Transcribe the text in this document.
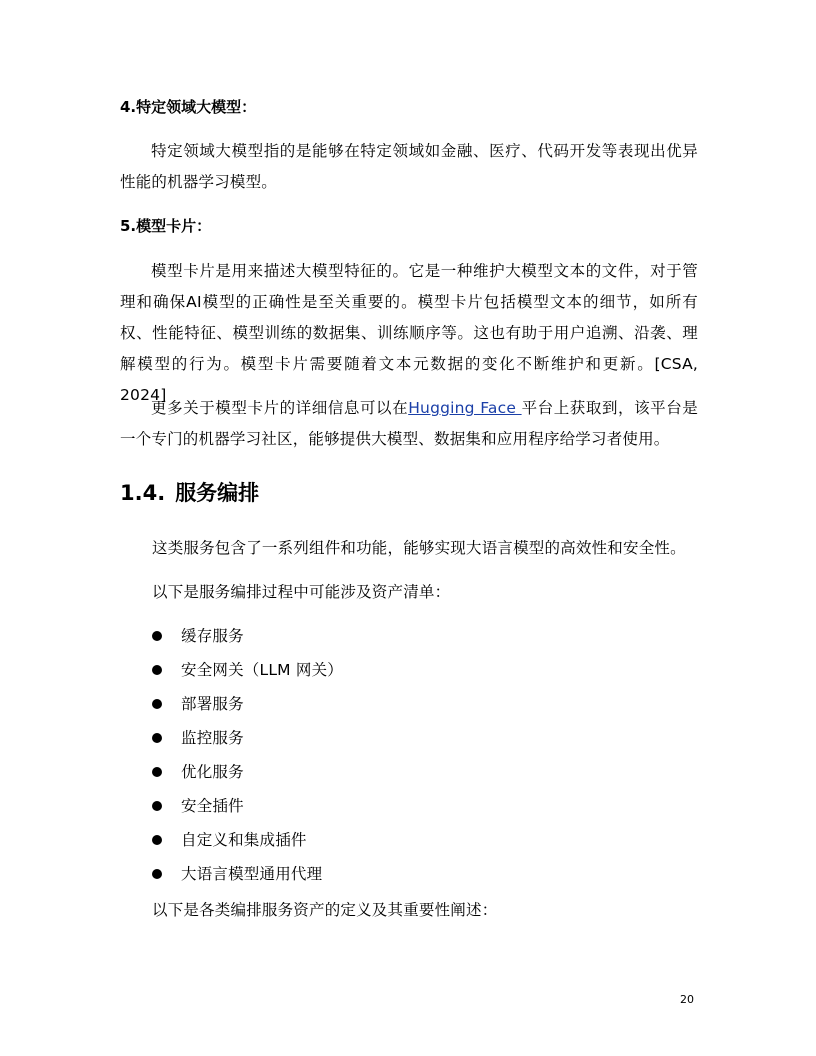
4.特定领域大模型：
特定领域大模型指的是能够在特定领域如金融、医疗、代码开发等表现出优异性能的机器学习模型。
5.模型卡片：
模型卡片是用来描述大模型特征的。它是一种维护大模型文本的文件，对于管理和确保AI模型的正确性是至关重要的。模型卡片包括模型文本的细节，如所有权、性能特征、模型训练的数据集、训练顺序等。这也有助于用户追溯、沿袭、理解模型的行为。模型卡片需要随着文本元数据的变化不断维护和更新。[CSA, 2024]
更多关于模型卡片的详细信息可以在Hugging Face 平台上获取到，该平台是一个专门的机器学习社区，能够提供大模型、数据集和应用程序给学习者使用。
1.4. 服务编排
这类服务包含了一系列组件和功能，能够实现大语言模型的高效性和安全性。
以下是服务编排过程中可能涉及资产清单：
缓存服务
安全网关（LLM 网关）
部署服务
监控服务
优化服务
安全插件
自定义和集成插件
大语言模型通用代理
以下是各类编排服务资产的定义及其重要性阐述：
20
